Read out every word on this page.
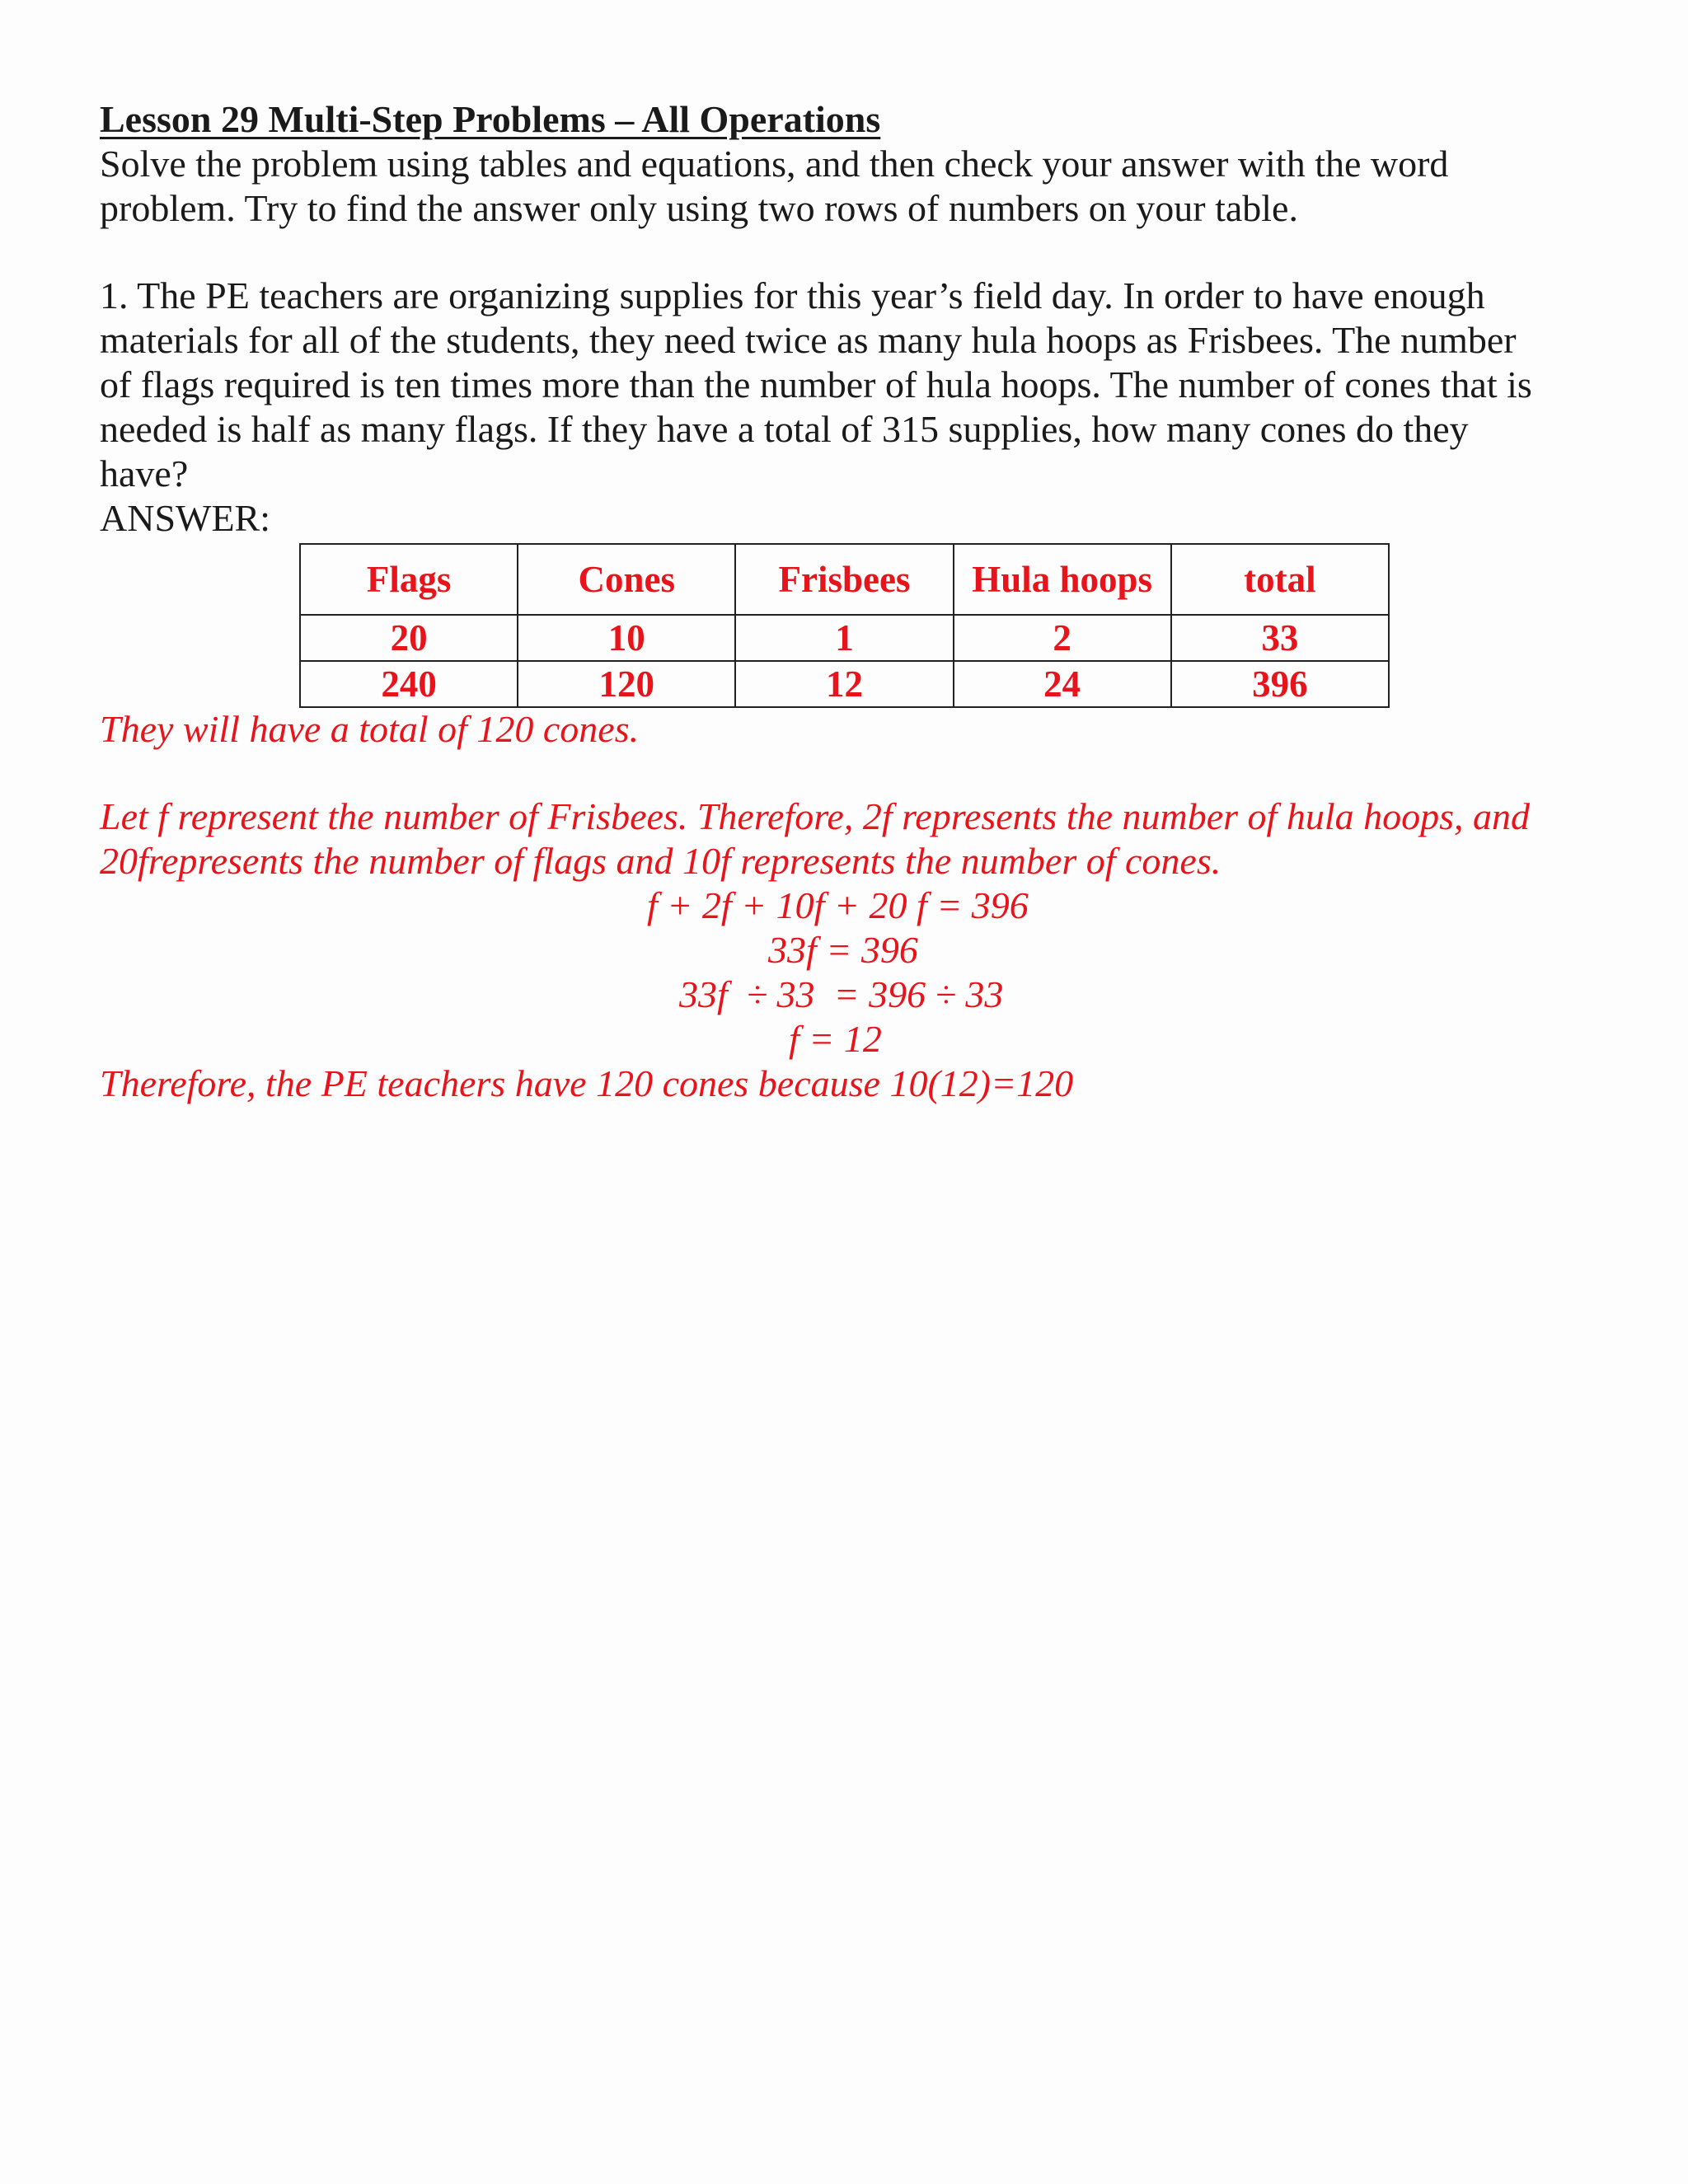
Lesson 29 Multi-Step Problems – All Operations
Solve the problem using tables and equations, and then check your answer with the word
problem. Try to find the answer only using two rows of numbers on your table.
1. The PE teachers are organizing supplies for this year’s field day. In order to have enough
materials for all of the students, they need twice as many hula hoops as Frisbees. The number
of flags required is ten times more than the number of hula hoops. The number of cones that is
needed is half as many flags. If they have a total of 315 supplies, how many cones do they
have?
ANSWER:
Flags	Cones	Frisbees	Hula hoops	total
20	10	1	2	33
240	120	12	24	396
They will have a total of 120 cones.
Let f represent the number of Frisbees. Therefore, 2f represents the number of hula hoops, and
20frepresents the number of flags and 10f represents the number of cones.
f + 2f + 10f + 20 f = 396
33f = 396
33f  ÷ 33  = 396 ÷ 33
f = 12
Therefore, the PE teachers have 120 cones because 10(12)=120
